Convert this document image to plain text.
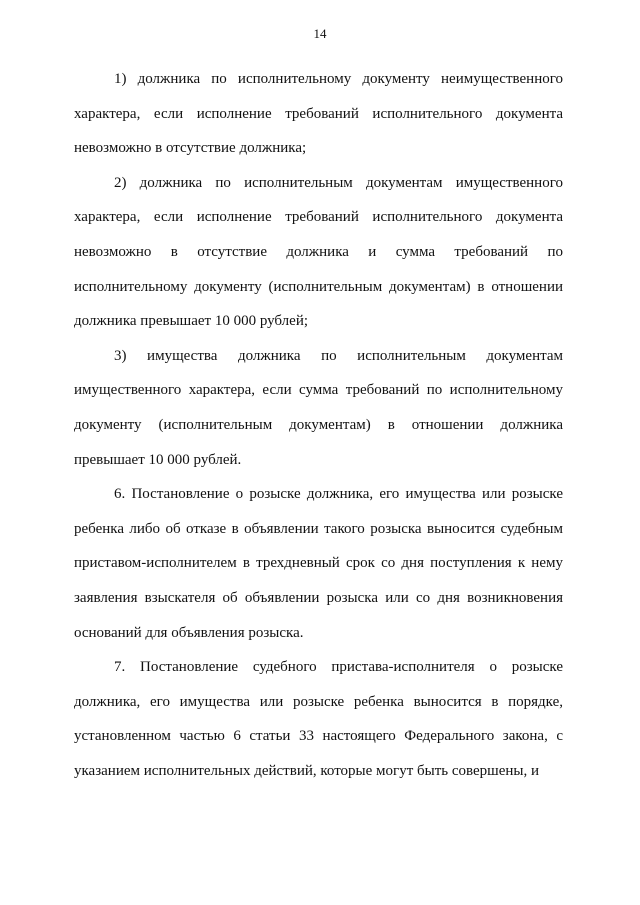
14

1) должника по исполнительному документу неимущественного характера, если исполнение требований исполнительного документа невозможно в отсутствие должника;

2) должника по исполнительным документам имущественного характера, если исполнение требований исполнительного документа невозможно в отсутствие должника и сумма требований по исполнительному документу (исполнительным документам) в отношении должника превышает 10 000 рублей;

3) имущества должника по исполнительным документам имущественного характера, если сумма требований по исполнительному документу (исполнительным документам) в отношении должника превышает 10 000 рублей.

6. Постановление о розыске должника, его имущества или розыске ребенка либо об отказе в объявлении такого розыска выносится судебным приставом-исполнителем в трехдневный срок со дня поступления к нему заявления взыскателя об объявлении розыска или со дня возникновения оснований для объявления розыска.

7. Постановление судебного пристава-исполнителя о розыске должника, его имущества или розыске ребенка выносится в порядке, установленном частью 6 статьи 33 настоящего Федерального закона, с указанием исполнительных действий, которые могут быть совершены, и
